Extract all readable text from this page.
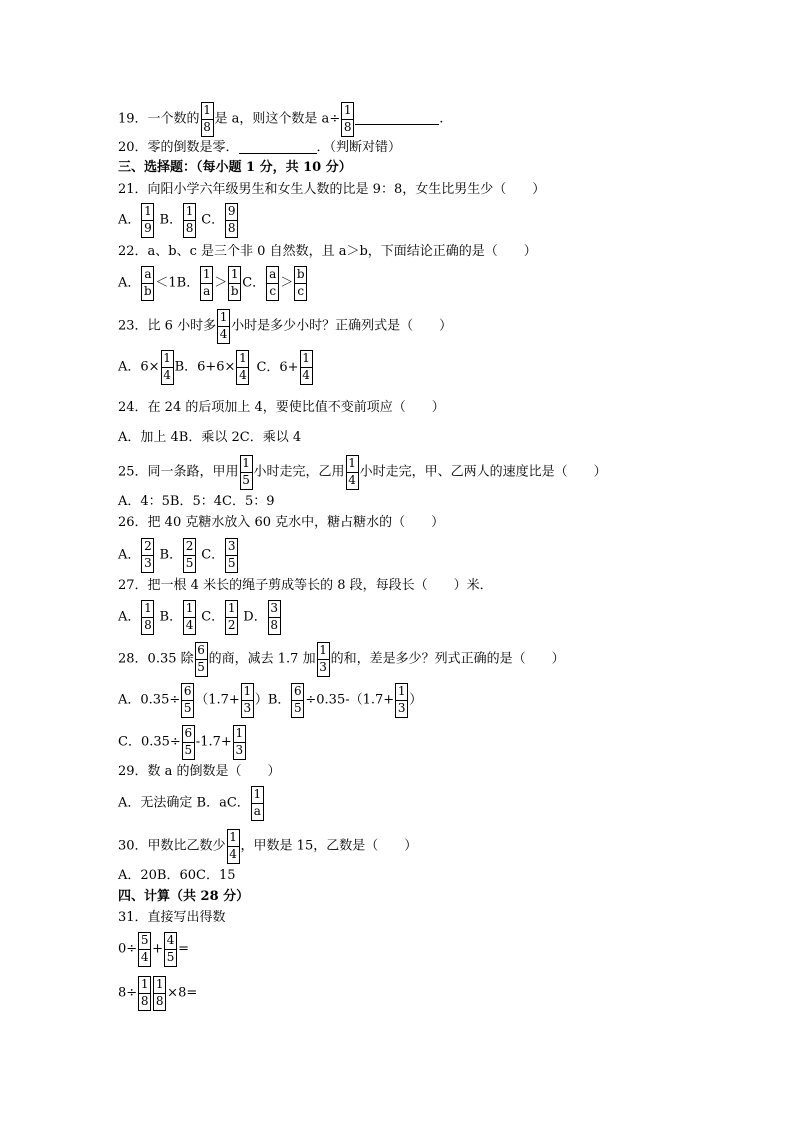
19．一个数的 $\frac{1}{8}$ 是 a，则这个数是 $a\div \frac{1}{8}$	.
20．零的倒数是零．	．（判断对错）
三、选择题：（每小题 1 分，共 10 分）
21．向阳小学六年级男生和女生人数的比是 9：8，女生比男生少（　　）
A． $\frac{1}{9}$ B． $\frac{1}{8}$ C． $\frac{9}{8}$
22．a、b、c 是三个非 0 自然数，且 a＞b，下面结论正确的是（　　）
A． $\frac{a}{b} <1B$． $\frac{1}{a} > \frac{1}{b}$ C． $\frac{a}{c} > \frac{b}{c}$
23．比 6 小时多 $\frac{1}{4}$ 小时是多少小时？正确列式是（　　）
A．$6\times \frac{1}{4}$ B．$6+6\times \frac{1}{4}$ C．$6+ \frac{1}{4}$
24．在 24 的后项加上 4，要使比值不变前项应（　　）
A．加上 4B．乘以 2C．乘以 4
25．同一条路，甲用 $\frac{1}{5}$ 小时走完，乙用 $\frac{1}{4}$ 小时走完，甲、乙两人的速度比是（　　）
A．4：5B．5：4C．5：9
26．把 40 克糖水放入 60 克水中，糖占糖水的（　　）
A． $\frac{2}{3}$ B． $\frac{2}{5}$ C． $\frac{3}{5}$
27．把一根 4 米长的绳子剪成等长的 8 段，每段长（　　）米．
A． $\frac{1}{8}$ B． $\frac{1}{4}$ C． $\frac{1}{2}$ D． $\frac{3}{8}$
28．0.35 除 $\frac{6}{5}$ 的商，减去 1.7 加 $\frac{1}{3}$ 的和，差是多少？列式正确的是（　　）
A．$0.35\div \frac{6}{5} (1.7+ \frac{1}{3} )B$． $\frac{6}{5} \div 0.35-(1.7+ \frac{1}{3}$ ）
C．$0.35\div \frac{6}{5} -1.7+ \frac{1}{3}$
29．数 a 的倒数是（　　）
A．无法确定 B．aC． $\frac{1}{a}$
30．甲数比乙数少 $\frac{1}{4}$ ，甲数是 15，乙数是（　　）
A．20B．60C．15
四、计算（共 28 分）
31．直接写出得数
$0\div \frac{5}{4} + \frac{4}{5}$ =
$8\div \frac{1}{8} \frac{1}{8} \times 8=$
